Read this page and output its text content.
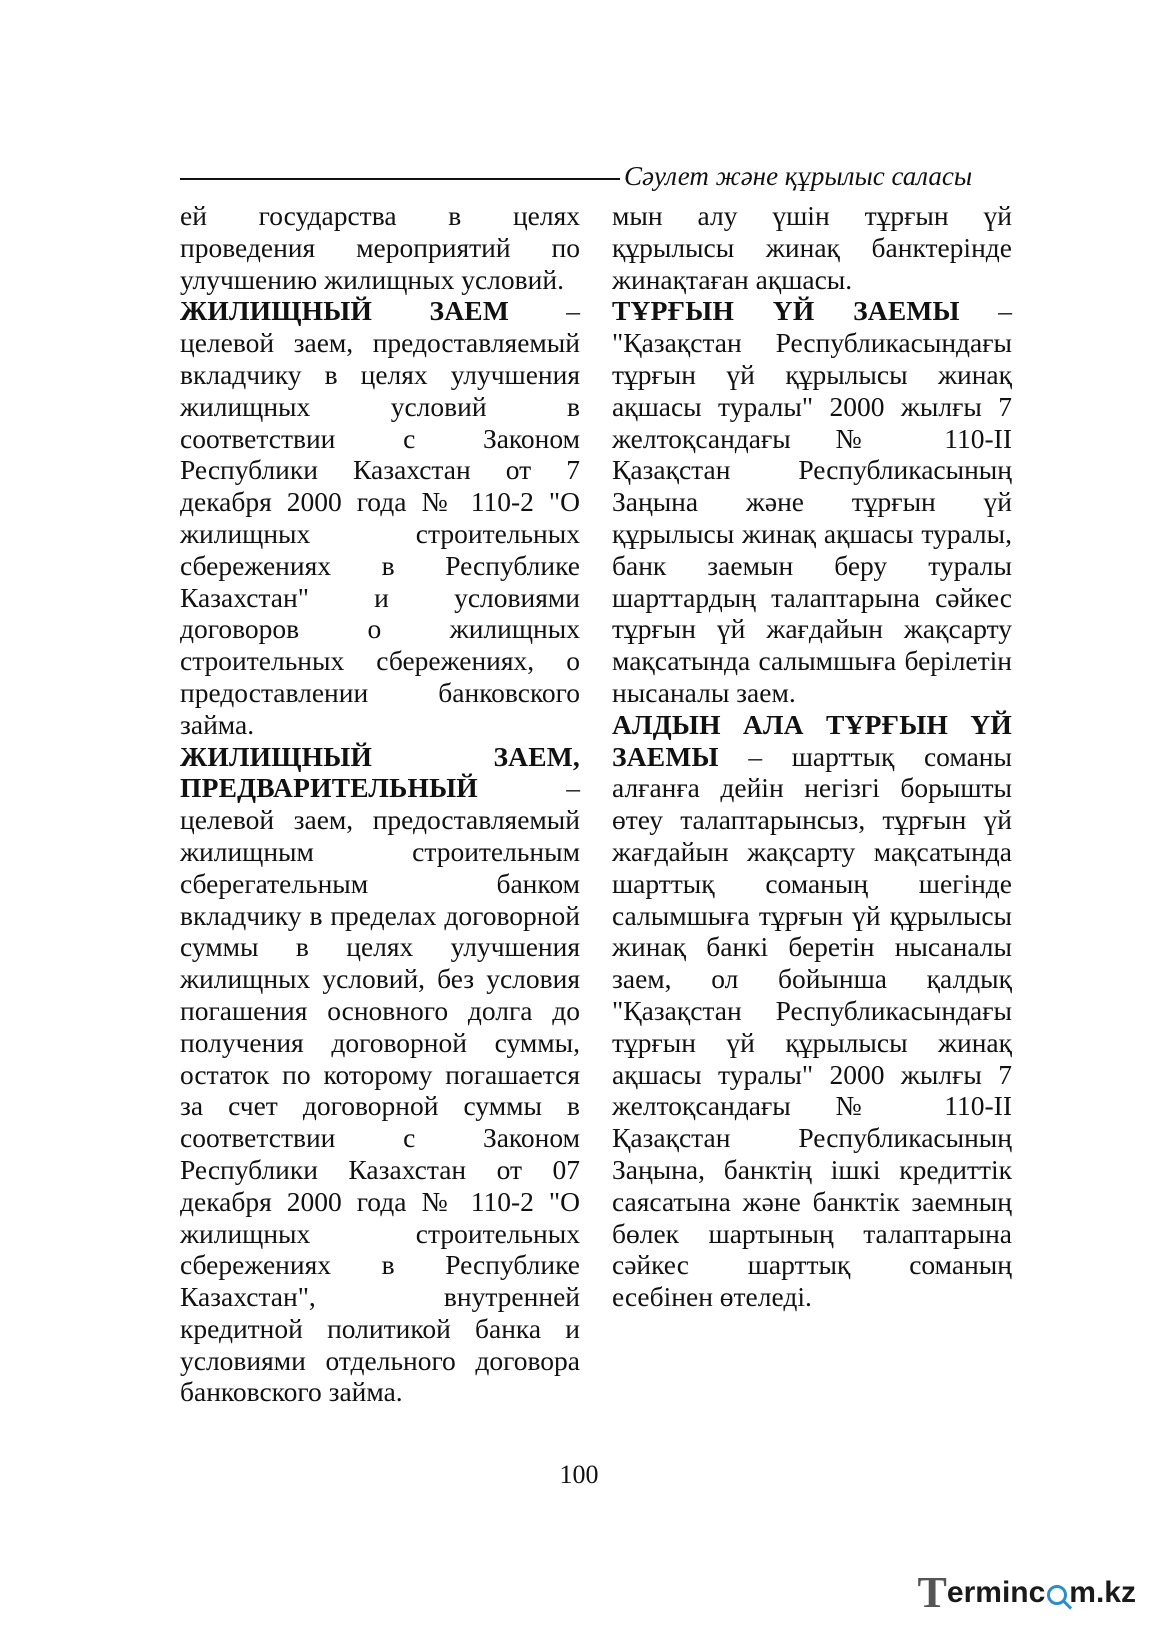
Сәулет және құрылыс саласы

ей государства в целях проведения мероприятий по улучшению жилищных условий.

ЖИЛИЩНЫЙ ЗАЕМ – целевой заем, предоставляемый вкладчику в целях улучшения жилищных условий в соответствии с Законом Республики Казахстан от 7 декабря 2000 года № 110-2 "О жилищных строительных сбережениях в Республике Казахстан" и условиями договоров о жилищных строительных сбережениях, о предоставлении банковского займа.

ЖИЛИЩНЫЙ ЗАЕМ, ПРЕДВАРИТЕЛЬНЫЙ – целевой заем, предоставляемый жилищным строительным сберегательным банком вкладчику в пределах договорной суммы в целях улучшения жилищных условий, без условия погашения основного долга до получения договорной суммы, остаток по которому погашается за счет договорной суммы в соответствии с Законом Республики Казахстан от 07 декабря 2000 года № 110-2 "О жилищных строительных сбережениях в Республике Казахстан", внутренней кредитной политикой банка и условиями отдельного договора банковского займа.

мын алу үшін тұрғын үй құрылысы жинақ банктерінде жинақтаған ақшасы.

ТҰРҒЫН ҮЙ ЗАЕМЫ – "Қазақстан Республикасындағы тұрғын үй құрылысы жинақ ақшасы туралы" 2000 жылғы 7 желтоқсандағы № 110-ІІ Қазақстан Республикасының Заңына және тұрғын үй құрылысы жинақ ақшасы туралы, банк заемын беру туралы шарттардың талаптарына сәйкес тұрғын үй жағдайын жақсарту мақсатында салымшыға берілетін нысаналы заем.

АЛДЫН АЛА ТҰРҒЫН ҮЙ ЗАЕМЫ – шарттық соманы алғанға дейін негізгі борышты өтеу талаптарынсыз, тұрғын үй жағдайын жақсарту мақсатында шарттық соманың шегінде салымшыға тұрғын үй құрылысы жинақ банкі беретін нысаналы заем, ол бойынша қалдық "Қазақстан Республикасындағы тұрғын үй құрылысы жинақ ақшасы туралы" 2000 жылғы 7 желтоқсандағы № 110-ІІ Қазақстан Республикасының Заңына, банктің ішкі кредиттік саясатына және банктік заемның бөлек шартының талаптарына сәйкес шарттық соманың есебінен өтеледі.

100
T erminc m.kz
